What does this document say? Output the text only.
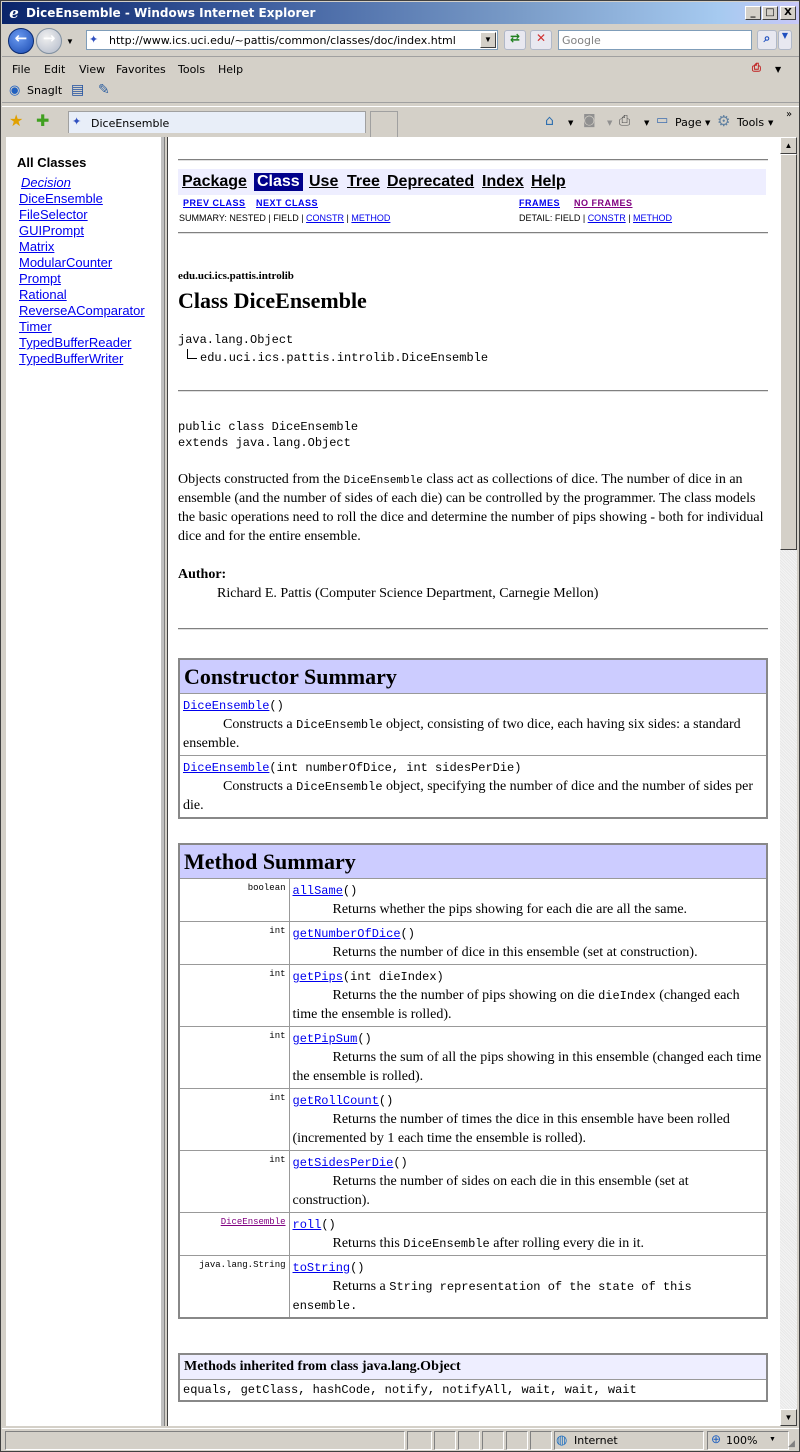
e DiceEnsemble - Windows Internet Explorer	_ □ X
←	→	▼ ✦ http://www.ics.uci.edu/~pattis/common/classes/doc/index.html	▼	⇄	✕	Google	⌕	▼
File Edit View Favorites Tools Help	⎙ ▼
◉ SnagIt ▤ ✎
★ ✚ ✦ DiceEnsemble	⌂ ▼ ◙ ▼ ⎙ ▼ ▭ Page ▼ ⚙ Tools ▼
»
All Classes
Decision
DiceEnsemble
FileSelector
GUIPrompt
Matrix
ModularCounter
Prompt
Rational
ReverseAComparator
Timer
TypedBufferReader
TypedBufferWriter
Package Class Use Tree Deprecated Index Help
PREV CLASS NEXT CLASS	FRAMES NO FRAMES
SUMMARY: NESTED | FIELD | CONSTR | METHOD	DETAIL: FIELD | CONSTR | METHOD
edu.uci.ics.pattis.introlib
Class DiceEnsemble
java.lang.Object
edu.uci.ics.pattis.introlib.DiceEnsemble
public class DiceEnsemble
extends java.lang.Object
Objects constructed from the DiceEnsemble class act as collections of dice. The number of dice in an ensemble (and the number of sides of each die) can be controlled by the programmer. The class models the basic operations need to roll the dice and determine the number of pips showing - both for individual dice and for the entire ensemble.
Author:
Richard E. Pattis (Computer Science Department, Carnegie Mellon)
Constructor Summary
DiceEnsemble()
Constructs a DiceEnsemble object, consisting of two dice, each having six sides: a standard ensemble.
DiceEnsemble(int numberOfDice, int sidesPerDie)
Constructs a DiceEnsemble object, specifying the number of dice and the number of sides per die.
Method Summary	
boolean	allSame()
Returns whether the pips showing for each die are all the same.
int	getNumberOfDice()
Returns the number of dice in this ensemble (set at construction).
int	getPips(int dieIndex)
Returns the the number of pips showing on die dieIndex (changed each time the ensemble is rolled).
int	getPipSum()
Returns the sum of all the pips showing in this ensemble (changed each time the ensemble is rolled).
int	getRollCount()
Returns the number of times the dice in this ensemble have been rolled (incremented by 1 each time the ensemble is rolled).
int	getSidesPerDie()
Returns the number of sides on each die in this ensemble (set at construction).
DiceEnsemble	roll()
Returns this DiceEnsemble after rolling every die in it.
java.lang.String	toString()
Returns a String representation of the state of this ensemble.
Methods inherited from class java.lang.Object
equals, getClass, hashCode, notify, notifyAll, wait, wait, wait
▲
▼
◍ Internet	⊕ 100% ▼ ◢
